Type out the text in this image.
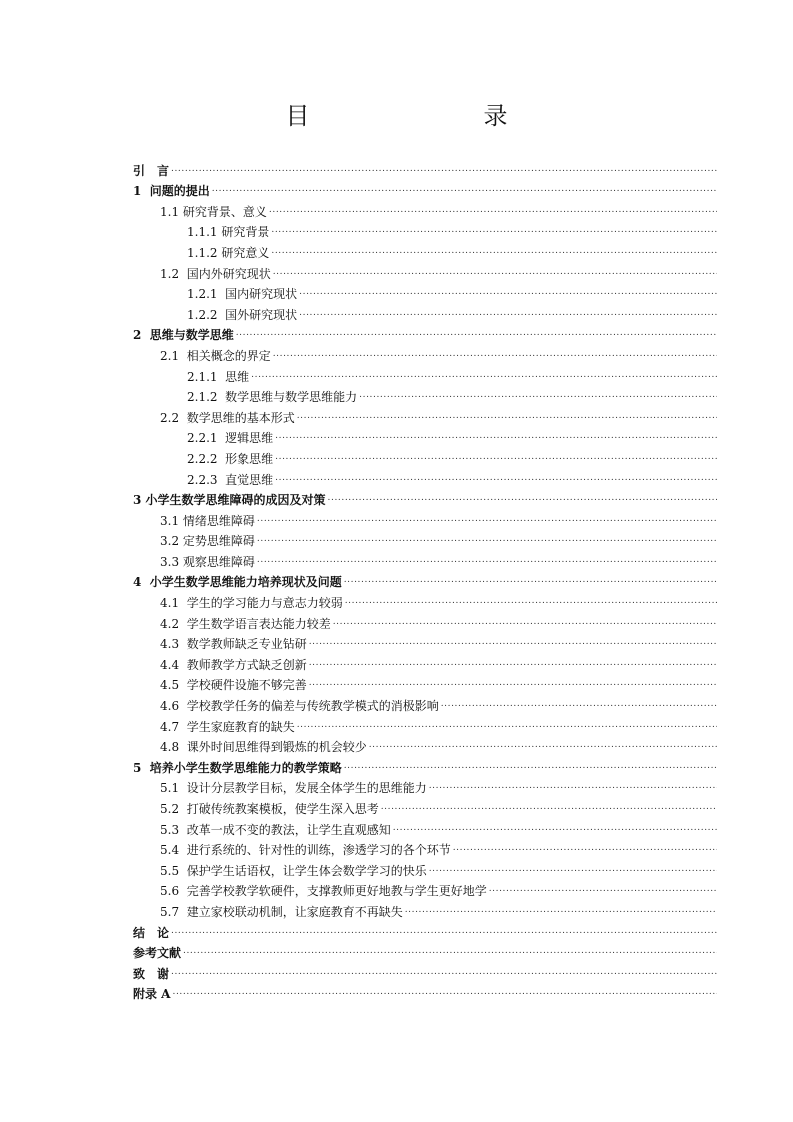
目　　录
引　言
.....
1  问题的提出
.....
1.1 研究背景、意义
.....
1.1.1 研究背景
.....
1.1.2 研究意义
.....
1.2  国内外研究现状
.....
1.2.1  国内研究现状
.....
1.2.2  国外研究现状
.....
2  思维与数学思维
.....
2.1  相关概念的界定
.....
2.1.1  思维
.....
2.1.2  数学思维与数学思维能力
.....
2.2  数学思维的基本形式
.....
2.2.1  逻辑思维
.....
2.2.2  形象思维
.....
2.2.3  直觉思维
.....
3 小学生数学思维障碍的成因及对策
.....
3.1 情绪思维障碍
.....
3.2 定势思维障碍
.....
3.3 观察思维障碍
.....
4  小学生数学思维能力培养现状及问题
.....
4.1  学生的学习能力与意志力较弱
.....
4.2  学生数学语言表达能力较差
.....
4.3  数学教师缺乏专业钻研
.....
4.4  教师教学方式缺乏创新
.....
4.5  学校硬件设施不够完善
.....
4.6  学校教学任务的偏差与传统教学模式的消极影响
.....
4.7  学生家庭教育的缺失
.....
4.8  课外时间思维得到锻炼的机会较少
.....
5  培养小学生数学思维能力的教学策略
.....
5.1  设计分层教学目标，发展全体学生的思维能力
.....
5.2  打破传统教案模板，使学生深入思考
.....
5.3  改革一成不变的教法，让学生直观感知
.....
5.4  进行系统的、针对性的训练，渗透学习的各个环节
.....
5.5  保护学生话语权，让学生体会数学学习的快乐
.....
5.6  完善学校教学软硬件，支撑教师更好地教与学生更好地学
.....
5.7  建立家校联动机制，让家庭教育不再缺失
.....
结　论
.....
参考文献
.....
致　谢
.....
附录 A
.....
